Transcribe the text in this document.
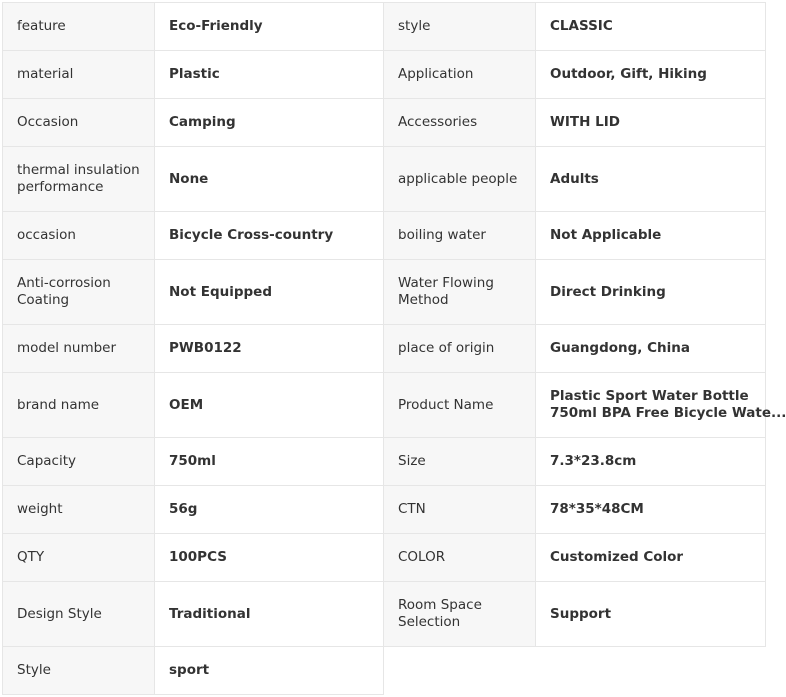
feature	Eco-Friendly	style	CLASSIC
material	Plastic	Application	Outdoor, Gift, Hiking
Occasion	Camping	Accessories	WITH LID
thermal insulation performance	None	applicable people	Adults
occasion	Bicycle Cross-country	boiling water	Not Applicable
Anti-corrosion Coating	Not Equipped	Water Flowing Method	Direct Drinking
model number	PWB0122	place of origin	Guangdong, China
brand name	OEM	Product Name	Plastic Sport Water Bottle
750ml BPA Free Bicycle Wate...

Capacity	750ml	Size	7.3*23.8cm
weight	56g	CTN	78*35*48CM
QTY	100PCS	COLOR	Customized Color
Design Style	Traditional	Room Space Selection	Support
Style	sport		
